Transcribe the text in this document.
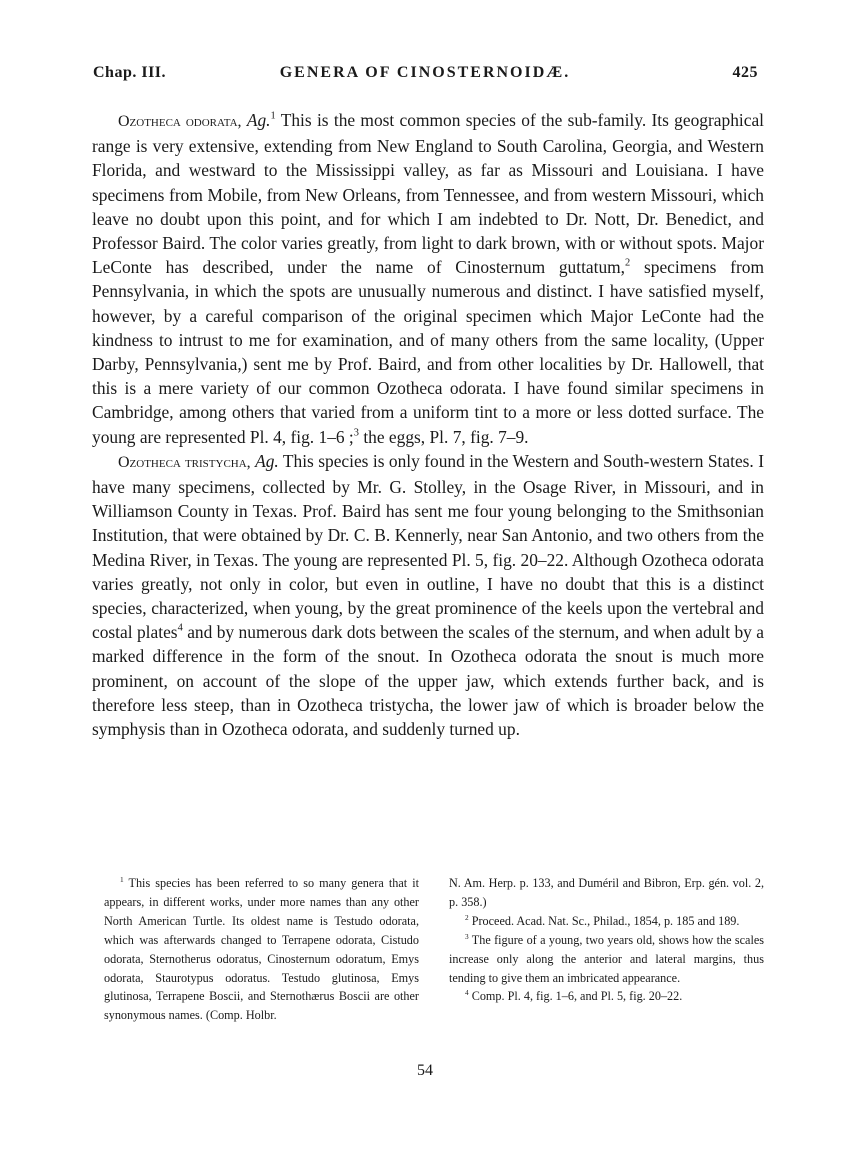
GENERA OF CINOSTERNOIDÆ.
Chap. III.	425

Ozotheca odorata, Ag.$^1$ This is the most common species of the sub-family. Its geographical range is very extensive, extending from New England to South Carolina, Georgia, and Western Florida, and westward to the Mississippi valley, as far as Missouri and Louisiana. I have specimens from Mobile, from New Orleans, from Tennessee, and from western Missouri, which leave no doubt upon this point, and for which I am indebted to Dr. Nott, Dr. Benedict, and Professor Baird. The color varies greatly, from light to dark brown, with or without spots. Major LeConte has described, under the name of Cinosternum guttatum,$^2$ specimens from Pennsylvania, in which the spots are unusually numerous and distinct. I have satisfied myself, however, by a careful comparison of the original specimen which Major LeConte had the kindness to intrust to me for examination, and of many others from the same locality, (Upper Darby, Pennsylvania,) sent me by Prof. Baird, and from other localities by Dr. Hallowell, that this is a mere variety of our common Ozotheca odorata. I have found similar specimens in Cambridge, among others that varied from a uniform tint to a more or less dotted surface. The young are represented Pl. 4, fig. 1–6 ;$^3$ the eggs, Pl. 7, fig. 7–9.

Ozotheca tristycha, Ag. This species is only found in the Western and South-western States. I have many specimens, collected by Mr. G. Stolley, in the Osage River, in Missouri, and in Williamson County in Texas. Prof. Baird has sent me four young belonging to the Smithsonian Institution, that were obtained by Dr. C. B. Kennerly, near San Antonio, and two others from the Medina River, in Texas. The young are represented Pl. 5, fig. 20–22. Although Ozotheca odorata varies greatly, not only in color, but even in outline, I have no doubt that this is a distinct species, characterized, when young, by the great prominence of the keels upon the vertebral and costal plates$^4$ and by numerous dark dots between the scales of the sternum, and when adult by a marked difference in the form of the snout. In Ozotheca odorata the snout is much more prominent, on account of the slope of the upper jaw, which extends further back, and is therefore less steep, than in Ozotheca tristycha, the lower jaw of which is broader below the symphysis than in Ozotheca odorata, and suddenly turned up.

$^1$ This species has been referred to so many genera that it appears, in different works, under more names than any other North American Turtle. Its oldest name is Testudo odorata, which was afterwards changed to Terrapene odorata, Cistudo odorata, Sternotherus odoratus, Cinosternum odoratum, Emys odorata, Staurotypus odoratus. Testudo glutinosa, Emys glutinosa, Terrapene Boscii, and Sternothærus Boscii are other synonymous names. (Comp. Holbr.

N. Am. Herp. p. 133, and Duméril and Bibron, Erp. gén. vol. 2, p. 358.)

$^2$ Proceed. Acad. Nat. Sc., Philad., 1854, p. 185 and 189.

$^3$ The figure of a young, two years old, shows how the scales increase only along the anterior and lateral margins, thus tending to give them an imbricated appearance.

$^4$ Comp. Pl. 4, fig. 1–6, and Pl. 5, fig. 20–22.

54
